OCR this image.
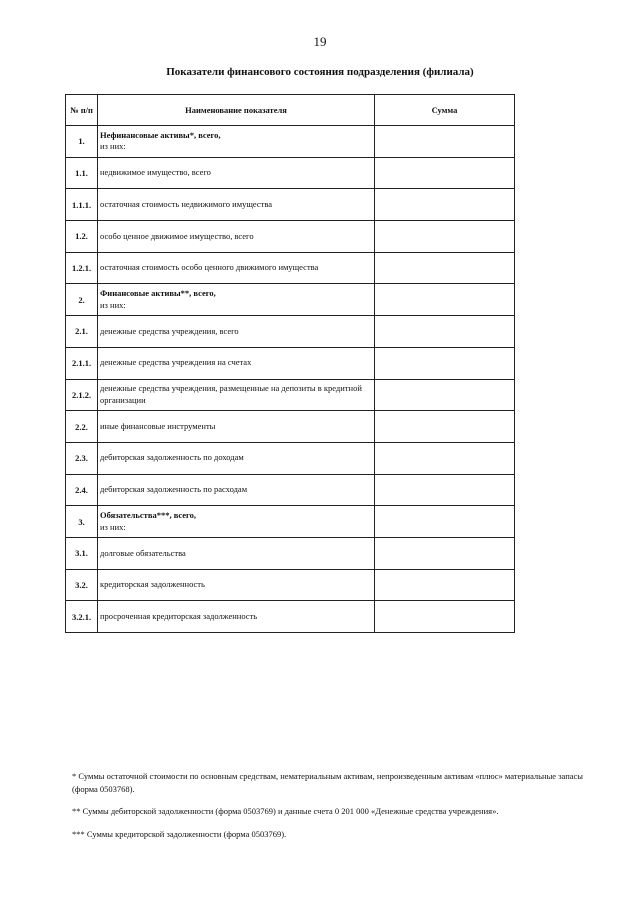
19
Показатели финансового состояния подразделения (филиала)
№ п/п	Наименование показателя	Сумма
1.	Нефинансовые активы*, всего,
из них:	

1.1.	недвижимое имущество, всего	
1.1.1.	остаточная стоимость недвижимого имущества	
1.2.	особо ценное движимое имущество, всего	
1.2.1.	остаточная стоимость особо ценного движимого имущества	
2.	Финансовые активы**, всего,
из них:	

2.1.	денежные средства учреждения, всего	
2.1.1.	денежные средства учреждения на счетах	
2.1.2.	денежные средства учреждения, размещенные на депозиты в кредитной организации	
2.2.	иные финансовые инструменты	
2.3.	дебиторская задолженность по доходам	
2.4.	дебиторская задолженность по расходам	
3.	Обязательства***, всего,
из них:	

3.1.	долговые обязательства	
3.2.	кредиторская задолженность	
3.2.1.	просроченная кредиторская задолженность	

* Суммы остаточной стоимости по основным средствам, нематериальным активам, непроизведенным активам «плюс» материальные запасы (форма 0503768).

** Суммы дебиторской задолженности (форма 0503769) и данные счета 0 201 000 «Денежные средства учреждения».

*** Суммы кредиторской задолженности (форма 0503769).
